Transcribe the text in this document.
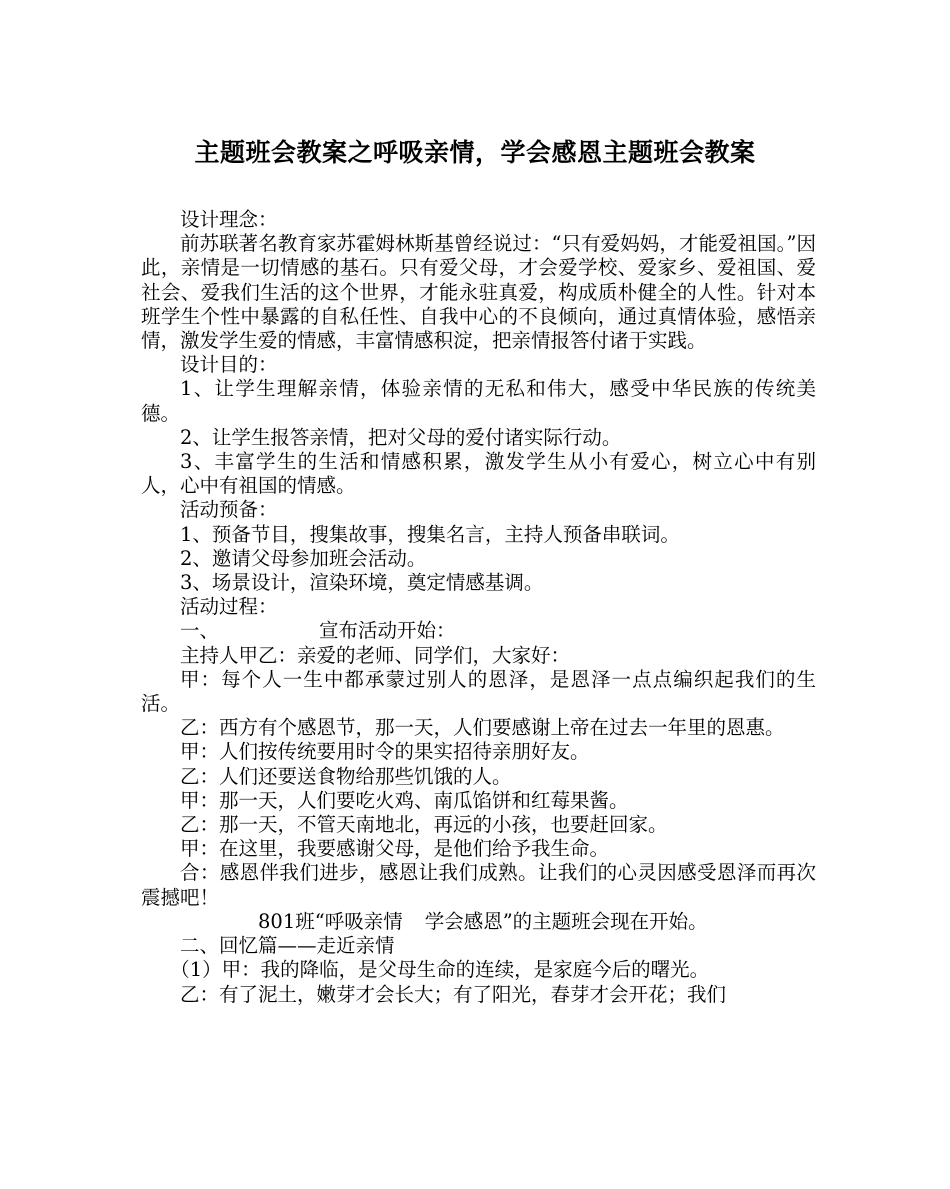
主题班会教案之呼吸亲情，学会感恩主题班会教案

设计理念：

前苏联著名教育家苏霍姆林斯基曾经说过：“只有爱妈妈，才能爱祖国。”因此，亲情是一切情感的基石。只有爱父母，才会爱学校、爱家乡、爱祖国、爱社会、爱我们生活的这个世界，才能永驻真爱，构成质朴健全的人性。针对本班学生个性中暴露的自私任性、自我中心的不良倾向，通过真情体验，感悟亲情，激发学生爱的情感，丰富情感积淀，把亲情报答付诸于实践。

设计目的：

1、让学生理解亲情，体验亲情的无私和伟大，感受中华民族的传统美德。

2、让学生报答亲情，把对父母的爱付诸实际行动。

3、丰富学生的生活和情感积累，激发学生从小有爱心，树立心中有别人，心中有祖国的情感。

活动预备：

1、预备节目，搜集故事，搜集名言，主持人预备串联词。

2、邀请父母参加班会活动。

3、场景设计，渲染环境，奠定情感基调。

活动过程：

一、	宣布活动开始：

主持人甲乙：亲爱的老师、同学们，大家好：

甲：每个人一生中都承蒙过别人的恩泽，是恩泽一点点编织起我们的生活。

乙：西方有个感恩节，那一天，人们要感谢上帝在过去一年里的恩惠。

甲：人们按传统要用时令的果实招待亲朋好友。

乙：人们还要送食物给那些饥饿的人。

甲：那一天，人们要吃火鸡、南瓜馅饼和红莓果酱。

乙：那一天，不管天南地北，再远的小孩，也要赶回家。

甲：在这里，我要感谢父母，是他们给予我生命。

合：感恩伴我们进步，感恩让我们成熟。让我们的心灵因感受恩泽而再次震撼吧！

801班“呼吸亲情 学会感恩”的主题班会现在开始。

二、回忆篇——走近亲情

（1）甲：我的降临，是父母生命的连续，是家庭今后的曙光。

乙：有了泥土，嫩芽才会长大；有了阳光，春芽才会开花；我们
